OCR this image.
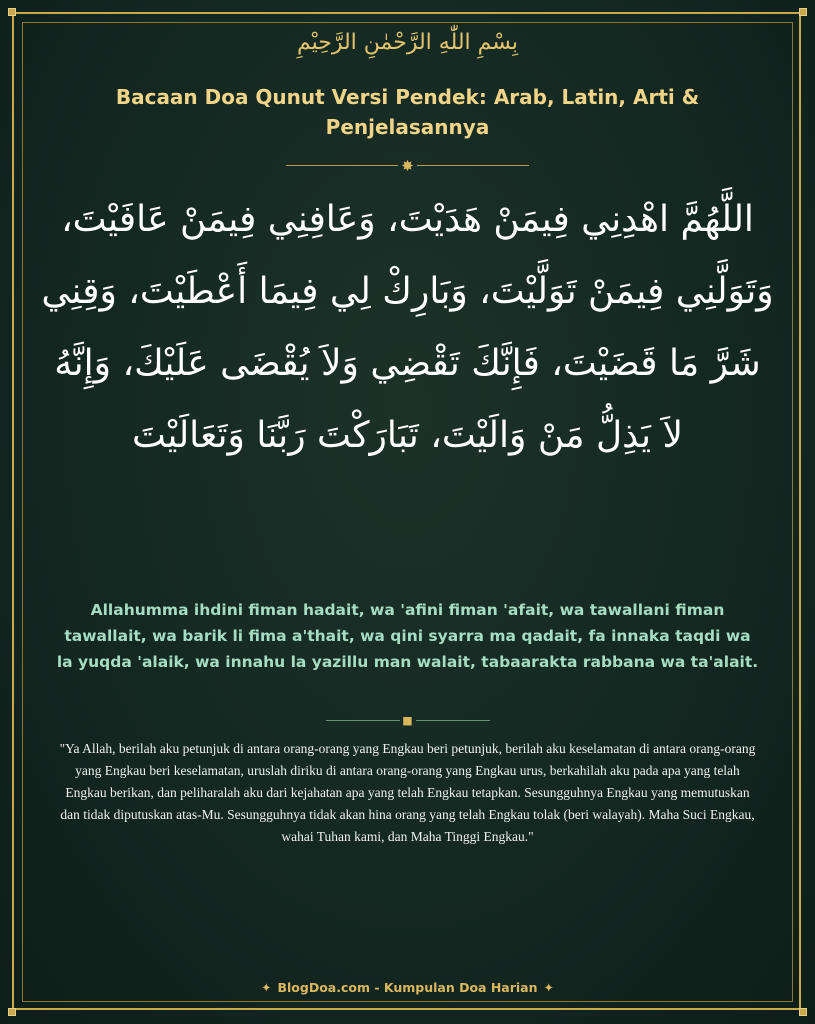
بِسْمِ اللّٰهِ الرَّحْمٰنِ الرَّحِيْمِ
Bacaan Doa Qunut Versi Pendek: Arab, Latin, Arti & Penjelasannya
✸
اللَّهُمَّ اهْدِنِي فِيمَنْ هَدَيْتَ، وَعَافِنِي فِيمَنْ عَافَيْتَ، وَتَوَلَّنِي فِيمَنْ تَوَلَّيْتَ، وَبَارِكْ لِي فِيمَا أَعْطَيْتَ، وَقِنِي شَرَّ مَا قَضَيْتَ، فَإِنَّكَ تَقْضِي وَلاَ يُقْضَى عَلَيْكَ، وَإِنَّهُ لاَ يَذِلُّ مَنْ وَالَيْتَ، تَبَارَكْتَ رَبَّنَا وَتَعَالَيْتَ
Allahumma ihdini fiman hadait, wa 'afini fiman 'afait, wa tawallani fiman tawallait, wa barik li fima a'thait, wa qini syarra ma qadait, fa innaka taqdi wa la yuqda 'alaik, wa innahu la yazillu man walait, tabaarakta rabbana wa ta'alait.
■
"Ya Allah, berilah aku petunjuk di antara orang-orang yang Engkau beri petunjuk, berilah aku keselamatan di antara orang-orang yang Engkau beri keselamatan, uruslah diriku di antara orang-orang yang Engkau urus, berkahilah aku pada apa yang telah Engkau berikan, dan peliharalah aku dari kejahatan apa yang telah Engkau tetapkan. Sesungguhnya Engkau yang memutuskan dan tidak diputuskan atas-Mu. Sesungguhnya tidak akan hina orang yang telah Engkau tolak (beri walayah). Maha Suci Engkau, wahai Tuhan kami, dan Maha Tinggi Engkau."
✦ BlogDoa.com - Kumpulan Doa Harian ✦
